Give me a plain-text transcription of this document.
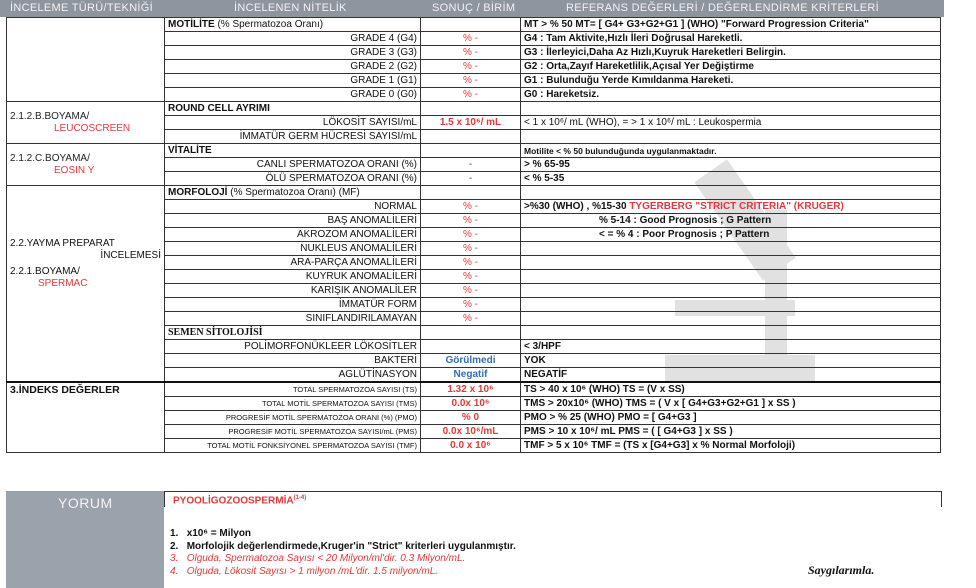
İNCELEME TÜRÜ/TEKNİĞİ	İNCELENEN NİTELİK	SONUÇ / BİRİM	REFERANS DEĞERLERİ / DEĞERLENDİRME KRİTERLERİ
	MOTİLİTE (% Spermatozoa Oranı)		MT > % 50 MT= [ G4+ G3+G2+G1 ] (WHO) "Forward Progression Criteria"
	GRADE 4 (G4)	% -	G4 : Tam Aktivite,Hızlı İleri Doğrusal Hareketli.
	GRADE 3 (G3)	% -	G3 : İlerleyici,Daha Az Hızlı,Kuyruk Hareketleri Belirgin.
	GRADE 2 (G2)	% -	G2 : Orta,Zayıf Hareketlilik,Açısal Yer Değiştirme
	GRADE 1 (G1)	% -	G1 : Bulunduğu Yerde Kımıldanma Hareketi.
	GRADE 0 (G0)	% -	G0 : Hareketsiz.

2.1.2.B.BOYAMA/
LEUCOSCREEN	ROUND CELL AYRIMI		
	LÖKOSİT SAYISI/mL	1.5 x 10⁶/ mL	< 1 x 10⁶/ mL (WHO), = > 1 x 10⁶/ mL : Leukospermia
	İMMATÜR GERM HÜCRESİ SAYISI/mL		

2.1.2.C.BOYAMA/
EOSIN Y	VİTALİTE		Motilite < % 50 bulunduğunda uygulanmaktadır.
	CANLI SPERMATOZOA ORANI (%)	-	> % 65-95
	ÖLÜ SPERMATOZOA ORANI (%)	-	< % 5-35

2.2.YAYMA PREPARAT
İNCELEMESİ
2.2.1.BOYAMA/
SPERMAC	MORFOLOJİ (% Spermatozoa Oranı) (MF)		
	NORMAL	% -	>%30 (WHO) , %15-30 TYGERBERG "STRICT CRITERIA" (KRUGER)
	BAŞ ANOMALİLERİ	% -	% 5-14 : Good Prognosis ; G Pattern
	AKROZOM ANOMALİLERİ	% -	< = % 4 : Poor Prognosis ; P Pattern
	NUKLEUS ANOMALİLERİ	% -	
	ARA-PARÇA ANOMALİLERİ	% -	
	KUYRUK ANOMALİLERİ	% -	
	KARIŞIK ANOMALİLER	% -	
	İMMATÜR FORM	% -	
	SINIFLANDIRILAMAYAN	% -	
	SEMEN SİTOLOJİSİ		
	POLİMORFONÜKLEER LÖKOSİTLER		< 3/HPF
	BAKTERİ	Görülmedi	YOK
	AGLÜTİNASYON	Negatif	NEGATİF
3.İNDEKS DEĞERLER	TOTAL SPERMATOZOA SAYISI (TS)	1.32 x 10⁶	TS > 40 x 10⁶ (WHO) TS = (V x SS)
	TOTAL MOTİL SPERMATOZOA SAYISI (TMS)	0.0x 10⁶	TMS > 20x10⁶ (WHO) TMS = ( V x [ G4+G3+G2+G1 ] x SS )
	PROGRESİF MOTİL SPERMATOZOA ORANI (%) (PMO)	% 0	PMO > % 25 (WHO) PMO = [ G4+G3 ]
	PROGRESİF MOTİL SPERMATOZOA SAYISI/mL (PMS)	0.0x 10⁶/mL	PMS > 10 x 10⁶/ mL PMS = ( [ G4+G3 ] x SS )
	TOTAL MOTİL FONKSİYONEL SPERMATOZOA SAYISI (TMF)	0.0 x 10⁶	TMF > 5 x 10⁶ TMF = (TS x [G4+G3] x % Normal Morfoloji)
YORUM	PYOOLİGOZOOSPERMİA$^{(1-4)}$
1. x10⁶ = Milyon
2. Morfolojik değerlendirmede,Kruger'in "Strict" kriterleri uygulanmıştır.
3. Olguda, Spermatozoa Sayısı < 20 Milyon/ml'dir. 0.3 Milyon/mL.
4. Olguda, Lökosit Sayısı > 1 milyon /mL'dir. 1.5 milyon/mL.	Saygılarımla.
